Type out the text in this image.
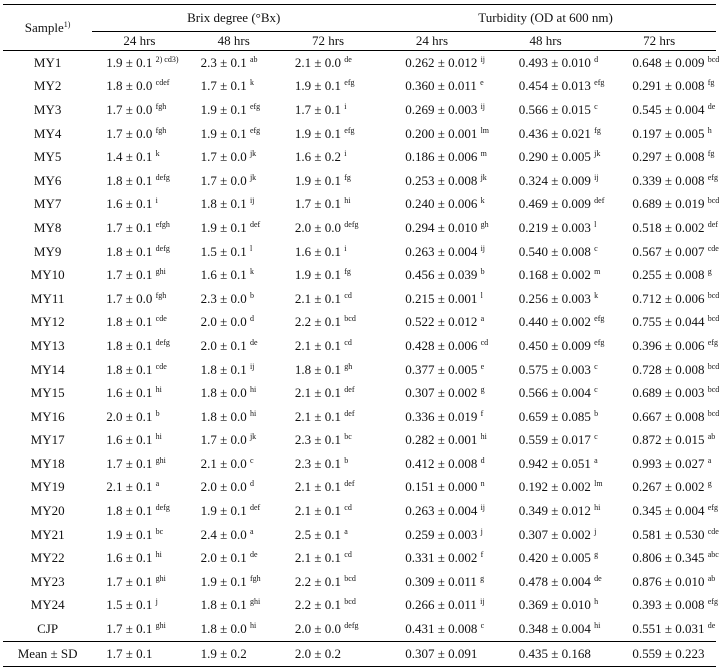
Sample$^{1)}$	Brix degree (°Bx)			Turbidity (OD at 600 nm)		
	24 hrs	48 hrs	72 hrs	24 hrs	48 hrs	72 hrs
MY1	1.9 ± 0.1 $^{2) cd3)}$	2.3 ± 0.1 $^{ab}$	2.1 ± 0.0 $^{de}$	0.262 ± 0.012 $^{ij}$	0.493 ± 0.010 $^d$	0.648 ± 0.009 $^{bcd}$
MY2	1.8 ± 0.0 $^{cdef}$	1.7 ± 0.1 $^k$	1.9 ± 0.1 $^{efg}$	0.360 ± 0.011 $^e$	0.454 ± 0.013 $^{efg}$	0.291 ± 0.008 $^{fg}$
MY3	1.7 ± 0.0 $^{fgh}$	1.9 ± 0.1 $^{efg}$	1.7 ± 0.1 $^i$	0.269 ± 0.003 $^{ij}$	0.566 ± 0.015 $^c$	0.545 ± 0.004 $^{de}$
MY4	1.7 ± 0.0 $^{fgh}$	1.9 ± 0.1 $^{efg}$	1.9 ± 0.1 $^{efg}$	0.200 ± 0.001 $^{lm}$	0.436 ± 0.021 $^{fg}$	0.197 ± 0.005 $^h$
MY5	1.4 ± 0.1 $^k$	1.7 ± 0.0 $^{jk}$	1.6 ± 0.2 $^i$	0.186 ± 0.006 $^m$	0.290 ± 0.005 $^{jk}$	0.297 ± 0.008 $^{fg}$
MY6	1.8 ± 0.1 $^{defg}$	1.7 ± 0.0 $^{jk}$	1.9 ± 0.1 $^{fg}$	0.253 ± 0.008 $^{jk}$	0.324 ± 0.009 $^{ij}$	0.339 ± 0.008 $^{efg}$
MY7	1.6 ± 0.1 $^i$	1.8 ± 0.1 $^{ij}$	1.7 ± 0.1 $^{hi}$	0.240 ± 0.006 $^k$	0.469 ± 0.009 $^{def}$	0.689 ± 0.019 $^{bcd}$
MY8	1.7 ± 0.1 $^{efgh}$	1.9 ± 0.1 $^{def}$	2.0 ± 0.0 $^{defg}$	0.294 ± 0.010 $^{gh}$	0.219 ± 0.003 $^l$	0.518 ± 0.002 $^{def}$
MY9	1.8 ± 0.1 $^{defg}$	1.5 ± 0.1 $^l$	1.6 ± 0.1 $^i$	0.263 ± 0.004 $^{ij}$	0.540 ± 0.008 $^c$	0.567 ± 0.007 $^{cde}$
MY10	1.7 ± 0.1 $^{ghi}$	1.6 ± 0.1 $^k$	1.9 ± 0.1 $^{fg}$	0.456 ± 0.039 $^b$	0.168 ± 0.002 $^m$	0.255 ± 0.008 $^g$
MY11	1.7 ± 0.0 $^{fgh}$	2.3 ± 0.0 $^b$	2.1 ± 0.1 $^{cd}$	0.215 ± 0.001 $^l$	0.256 ± 0.003 $^k$	0.712 ± 0.006 $^{bcd}$
MY12	1.8 ± 0.1 $^{cde}$	2.0 ± 0.0 $^d$	2.2 ± 0.1 $^{bcd}$	0.522 ± 0.012 $^a$	0.440 ± 0.002 $^{efg}$	0.755 ± 0.044 $^{bcd}$
MY13	1.8 ± 0.1 $^{defg}$	2.0 ± 0.1 $^{de}$	2.1 ± 0.1 $^{cd}$	0.428 ± 0.006 $^{cd}$	0.450 ± 0.009 $^{efg}$	0.396 ± 0.006 $^{efg}$
MY14	1.8 ± 0.1 $^{cde}$	1.8 ± 0.1 $^{ij}$	1.8 ± 0.1 $^{gh}$	0.377 ± 0.005 $^e$	0.575 ± 0.003 $^c$	0.728 ± 0.008 $^{bcd}$
MY15	1.6 ± 0.1 $^{hi}$	1.8 ± 0.0 $^{hi}$	2.1 ± 0.1 $^{def}$	0.307 ± 0.002 $^g$	0.566 ± 0.004 $^c$	0.689 ± 0.003 $^{bcd}$
MY16	2.0 ± 0.1 $^b$	1.8 ± 0.0 $^{hi}$	2.1 ± 0.1 $^{def}$	0.336 ± 0.019 $^f$	0.659 ± 0.085 $^b$	0.667 ± 0.008 $^{bcd}$
MY17	1.6 ± 0.1 $^{hi}$	1.7 ± 0.0 $^{jk}$	2.3 ± 0.1 $^{bc}$	0.282 ± 0.001 $^{hi}$	0.559 ± 0.017 $^c$	0.872 ± 0.015 $^{ab}$
MY18	1.7 ± 0.1 $^{ghi}$	2.1 ± 0.0 $^c$	2.3 ± 0.1 $^b$	0.412 ± 0.008 $^d$	0.942 ± 0.051 $^a$	0.993 ± 0.027 $^a$
MY19	2.1 ± 0.1 $^a$	2.0 ± 0.0 $^d$	2.1 ± 0.1 $^{def}$	0.151 ± 0.000 $^n$	0.192 ± 0.002 $^{lm}$	0.267 ± 0.002 $^g$
MY20	1.8 ± 0.1 $^{defg}$	1.9 ± 0.1 $^{def}$	2.1 ± 0.1 $^{cd}$	0.263 ± 0.004 $^{ij}$	0.349 ± 0.012 $^{hi}$	0.345 ± 0.004 $^{efg}$
MY21	1.9 ± 0.1 $^{bc}$	2.4 ± 0.0 $^a$	2.5 ± 0.1 $^a$	0.259 ± 0.003 $^j$	0.307 ± 0.002 $^j$	0.581 ± 0.530 $^{cde}$
MY22	1.6 ± 0.1 $^{hi}$	2.0 ± 0.1 $^{de}$	2.1 ± 0.1 $^{cd}$	0.331 ± 0.002 $^f$	0.420 ± 0.005 $^g$	0.806 ± 0.345 $^{abc}$
MY23	1.7 ± 0.1 $^{ghi}$	1.9 ± 0.1 $^{fgh}$	2.2 ± 0.1 $^{bcd}$	0.309 ± 0.011 $^g$	0.478 ± 0.004 $^{de}$	0.876 ± 0.010 $^{ab}$
MY24	1.5 ± 0.1 $^j$	1.8 ± 0.1 $^{ghi}$	2.2 ± 0.1 $^{bcd}$	0.266 ± 0.011 $^{ij}$	0.369 ± 0.010 $^h$	0.393 ± 0.008 $^{efg}$
CJP	1.7 ± 0.1 $^{ghi}$	1.8 ± 0.0 $^{hi}$	2.0 ± 0.0 $^{defg}$	0.431 ± 0.008 $^c$	0.348 ± 0.004 $^{hi}$	0.551 ± 0.031 $^{de}$
Mean ± SD	1.7 ± 0.1	1.9 ± 0.2	2.0 ± 0.2	0.307 ± 0.091	0.435 ± 0.168	0.559 ± 0.223
